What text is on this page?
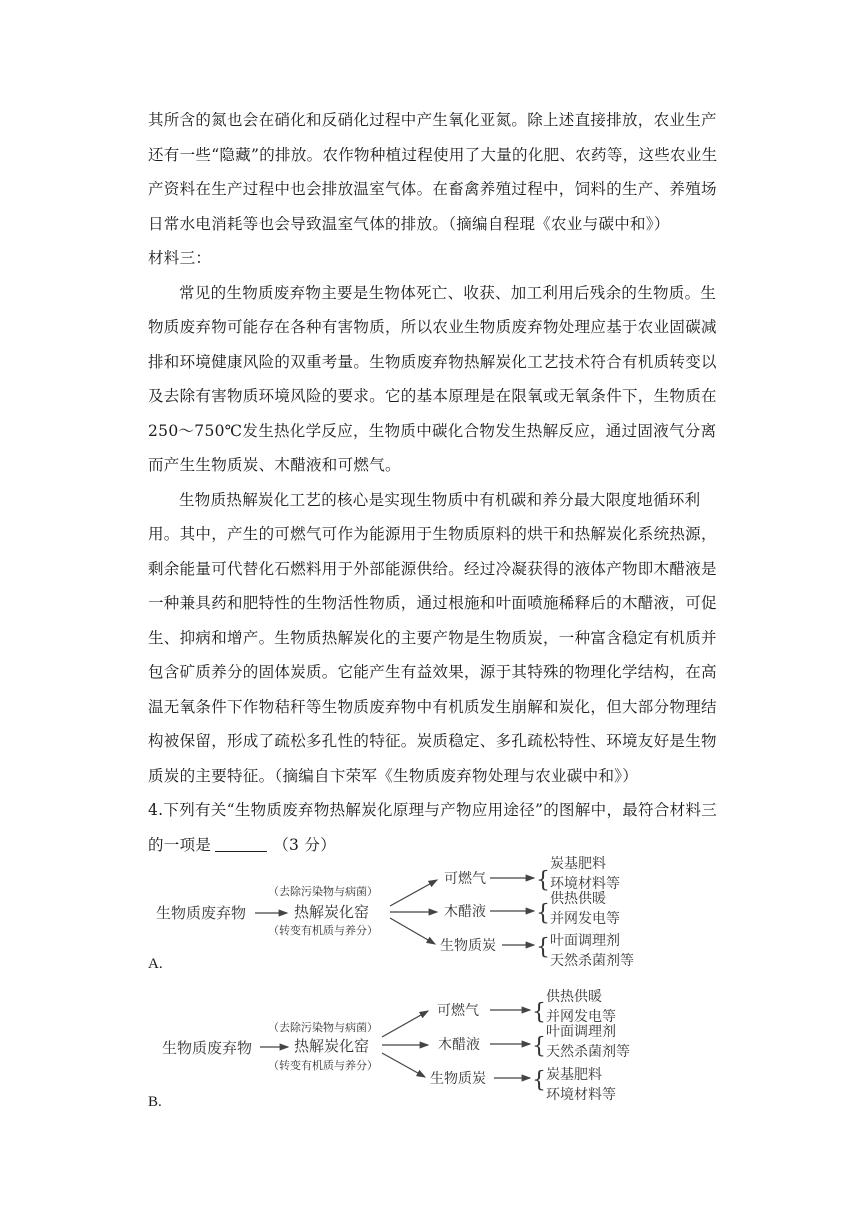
其所含的氮也会在硝化和反硝化过程中产生氧化亚氮。除上述直接排放，农业生产还有一些“隐藏”的排放。农作物种植过程使用了大量的化肥、农药等，这些农业生产资料在生产过程中也会排放温室气体。在畜禽养殖过程中，饲料的生产、养殖场日常水电消耗等也会导致温室气体的排放。（摘编自程琨《农业与碳中和》）

材料三：

常见的生物质废弃物主要是生物体死亡、收获、加工利用后残余的生物质。生物质废弃物可能存在各种有害物质，所以农业生物质废弃物处理应基于农业固碳减排和环境健康风险的双重考量。生物质废弃物热解炭化工艺技术符合有机质转变以及去除有害物质环境风险的要求。它的基本原理是在限氧或无氧条件下，生物质在 250～750℃发生热化学反应，生物质中碳化合物发生热解反应，通过固液气分离而产生生物质炭、木醋液和可燃气。

生物质热解炭化工艺的核心是实现生物质中有机碳和养分最大限度地循环利用。其中，产生的可燃气可作为能源用于生物质原料的烘干和热解炭化系统热源，剩余能量可代替化石燃料用于外部能源供给。经过冷凝获得的液体产物即木醋液是一种兼具药和肥特性的生物活性物质，通过根施和叶面喷施稀释后的木醋液，可促生、抑病和增产。生物质热解炭化的主要产物是生物质炭，一种富含稳定有机质并包含矿质养分的固体炭质。它能产生有益效果，源于其特殊的物理化学结构，在高温无氧条件下作物秸秆等生物质废弃物中有机质发生崩解和炭化，但大部分物理结构被保留，形成了疏松多孔性的特征。炭质稳定、多孔疏松特性、环境友好是生物质炭的主要特征。（摘编自卞荣军《生物质废弃物处理与农业碳中和》）

4.下列有关“生物质废弃物热解炭化原理与产物应用途径”的图解中，最符合材料三的一项是	（3 分）

生物质废弃物
（去除污染物与病菌）
热解炭化窑
（转变有机质与养分）
可燃气
木醋液
生物质炭
{
{
{
炭基肥料
环境材料等
供热供暖
并网发电等
叶面调理剂
天然杀菌剂等
A.
生物质废弃物
（去除污染物与病菌）
热解炭化窑
（转变有机质与养分）
可燃气
木醋液
生物质炭
{
{
{
供热供暖
并网发电等
叶面调理剂
天然杀菌剂等
炭基肥料
环境材料等
B.
